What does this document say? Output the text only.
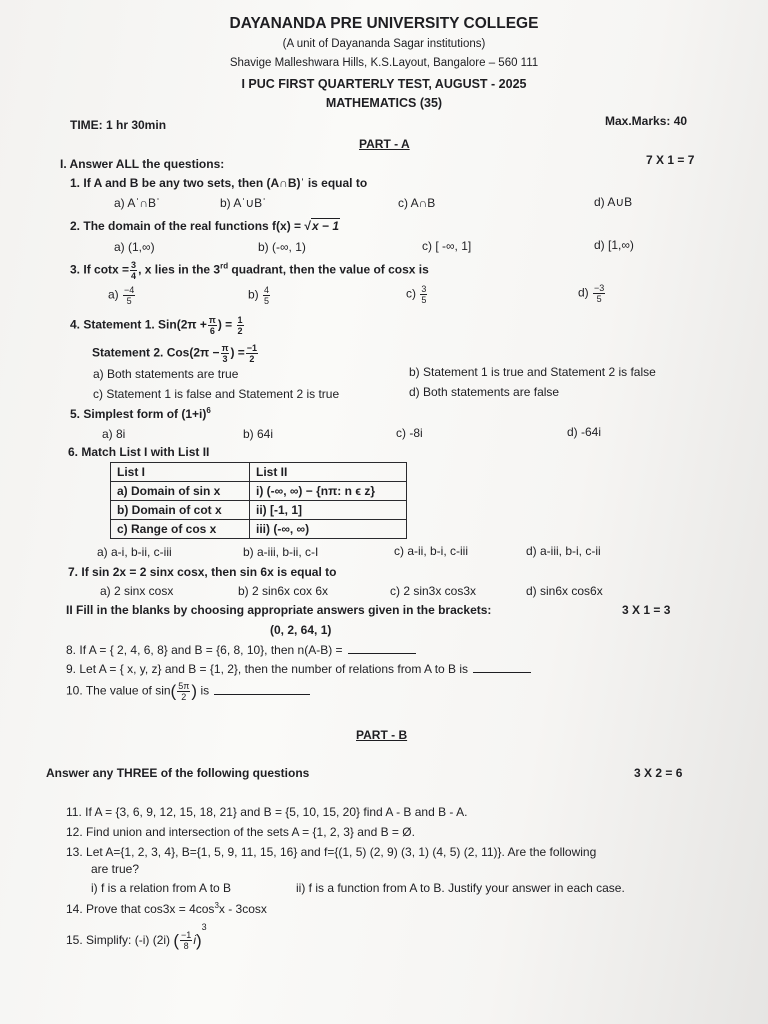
DAYANANDA PRE UNIVERSITY COLLEGE
(A unit of Dayananda Sagar institutions)
Shavige Malleshwara Hills, K.S.Layout, Bangalore – 560 111
I PUC FIRST QUARTERLY TEST, AUGUST - 2025
MATHEMATICS (35)
TIME: 1 hr 30min	Max.Marks: 40
PART - A
I. Answer ALL the questions:	7 X 1 = 7
1. If A and B be any two sets, then (A∩B)ˈ is equal to
a) Aˈ∩Bˈ	b) Aˈ∪Bˈ	c) A∩B	d) A∪B
2. The domain of the real functions f(x) = √x − 1
a) (1,∞)	b) (-∞, 1)	c) [ -∞, 1]	d) [1,∞)
3. If $\cot x = \frac{3}{4}$ , x lies in the 3rd quadrant, then the value of cosx is
$a) \frac{-4}{5}$	$b) \frac{4}{5}$	$c) \frac{3}{5}$	$d) \frac{-3}{5}$
4. Statement 1. $Sin(2\pi + \frac{\pi}{6}$ ) = $\frac{1}{2}$
Statement 2. $Cos(2\pi - \frac{\pi}{3}$ ) = $\frac{-1}{2}$
a) Both statements are true	b) Statement 1 is true and Statement 2 is false
c) Statement 1 is false and Statement 2 is true	d) Both statements are false
5. Simplest form of $(1+i)^6$
a) 8i	b) 64i	c) -8i	d) -64i
6. Match List I with List II
List I	List II
a) Domain of sin x	i) (-∞, ∞) − {nπ: n ϵ z}
b) Domain of cot x	ii) [-1, 1]
c) Range of cos x	iii) (-∞, ∞)
a) a-i, b-ii, c-iii	b) a-iii, b-ii, c-I	c) a-ii, b-i, c-iii	d) a-iii, b-i, c-ii
7. If sin 2x = 2 sinx cosx, then sin 6x is equal to
a) 2 sinx cosx	b) 2 sin6x cox 6x	c) 2 sin3x cos3x	d) sin6x cos6x
II Fill in the blanks by choosing appropriate answers given in the brackets:	3 X 1 = 3
(0, 2, 64, 1)
8. If A = { 2, 4, 6, 8} and B = {6, 8, 10}, then n(A-B) =
9. Let A = { x, y, z} and B = {1, 2}, then the number of relations from A to B is
10. The value of $\sin( \frac{5\pi}{2}$ ) is
PART - B
Answer any THREE of the following questions	3 X 2 = 6
11. If A = {3, 6, 9, 12, 15, 18, 21} and B = {5, 10, 15, 20} find A - B and B - A.
12. Find union and intersection of the sets A = {1, 2, 3} and B = Ø.
13. Let A={1, 2, 3, 4}, B={1, 5, 9, 11, 15, 16} and f={(1, 5) (2, 9) (3, 1) (4, 5) (2, 11)}. Are the following
are true?
i) f is a relation from A to B	ii) f is a function from A to B. Justify your answer in each case.
14. Prove that $\cos 3x = 4\cos^3x - 3\cos x$
15. Simplify: (-i) (2i) ( $\frac{-1}{8} i)^3$
